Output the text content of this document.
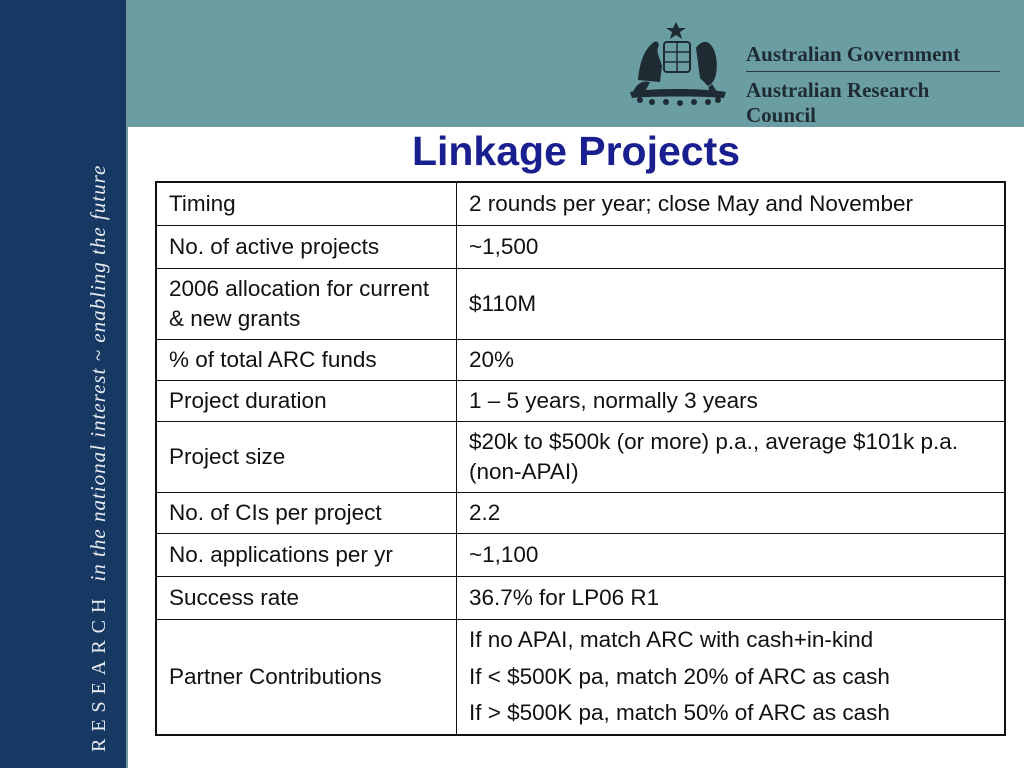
RESEARCHin the national interest ~ enabling the future
Australian Government
Australian Research Council
Linkage Projects
Timing	2 rounds per year; close May and November
No. of active projects	~1,500
2006 allocation for current & new grants	$110M
% of total ARC funds	20%
Project duration	1 – 5 years, normally 3 years
Project size	$20k to $500k (or more) p.a., average $101k p.a. (non-APAI)
No. of CIs per project	2.2
No. applications per yr	~1,100
Success rate	36.7% for LP06 R1
Partner Contributions	If no APAI, match ARC with cash+in-kind
If < $500K pa, match 20% of ARC as cash
If > $500K pa, match 50% of ARC as cash
